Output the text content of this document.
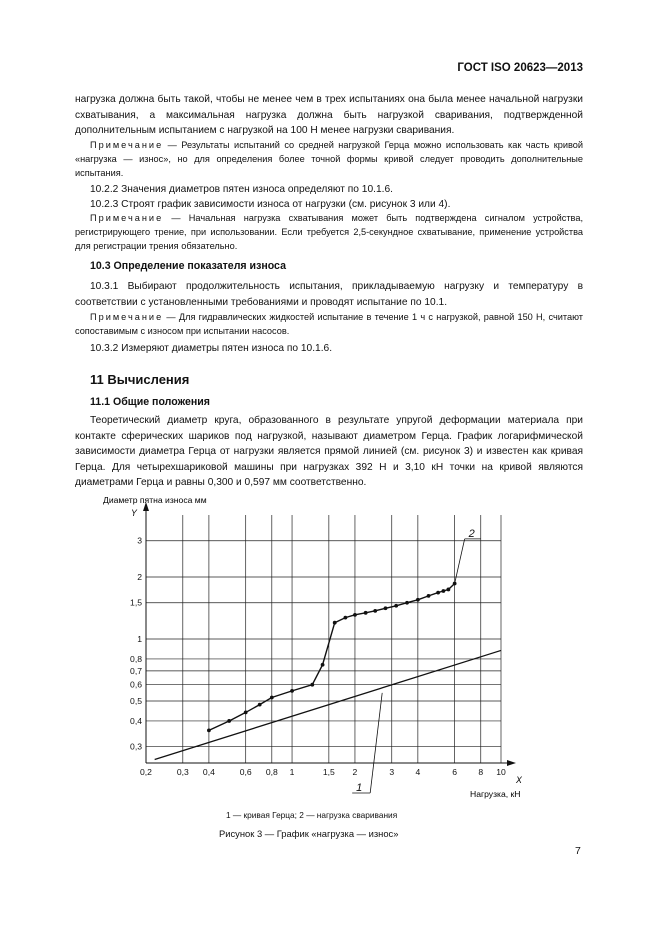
ГОСТ ISO 20623—2013
нагрузка должна быть такой, чтобы не менее чем в трех испытаниях она была менее начальной нагрузки схватывания, а максимальная нагрузка должна быть нагрузкой сваривания, подтвержденной дополнительным испытанием с нагрузкой на 100 Н менее нагрузки сваривания.
Примечание — Результаты испытаний со средней нагрузкой Герца можно использовать как часть кривой «нагрузка — износ», но для определения более точной формы кривой следует проводить дополнительные испытания.
10.2.2 Значения диаметров пятен износа определяют по 10.1.6.
10.2.3 Строят график зависимости износа от нагрузки (см. рисунок 3 или 4).
Примечание — Начальная нагрузка схватывания может быть подтверждена сигналом устройства, регистрирующего трение, при использовании. Если требуется 2,5-секундное схватывание, применение устройства для регистрации трения обязательно.
10.3 Определение показателя износа
10.3.1 Выбирают продолжительность испытания, прикладываемую нагрузку и температуру в соответствии с установленными требованиями и проводят испытание по 10.1.
Примечание — Для гидравлических жидкостей испытание в течение 1 ч с нагрузкой, равной 150 Н, считают сопоставимым с износом при испытании насосов.
10.3.2 Измеряют диаметры пятен износа по 10.1.6.
11 Вычисления
11.1 Общие положения
Теоретический диаметр круга, образованного в результате упругой деформации материала при контакте сферических шариков под нагрузкой, называют диаметром Герца. График логарифмической зависимости диаметра Герца от нагрузки является прямой линией (см. рисунок 3) и известен как кривая Герца. Для четырехшариковой машины при нагрузках 392 Н и 3,10 кН точки на кривой являются диаметрами Герца и равны 0,300 и 0,597 мм соответственно.
0,2	0,3 0,4	0,6 0,8 1	1,5 2	3 4	6 8 10
0,3
0,4
0,5
0,6
0,7
0,8
1
1,5
2
3
2
1
Диаметр пятна износа мм
Y
X
Нагрузка, кН
1 — кривая Герца; 2 — нагрузка сваривания
Рисунок 3 — График «нагрузка — износ»
7
